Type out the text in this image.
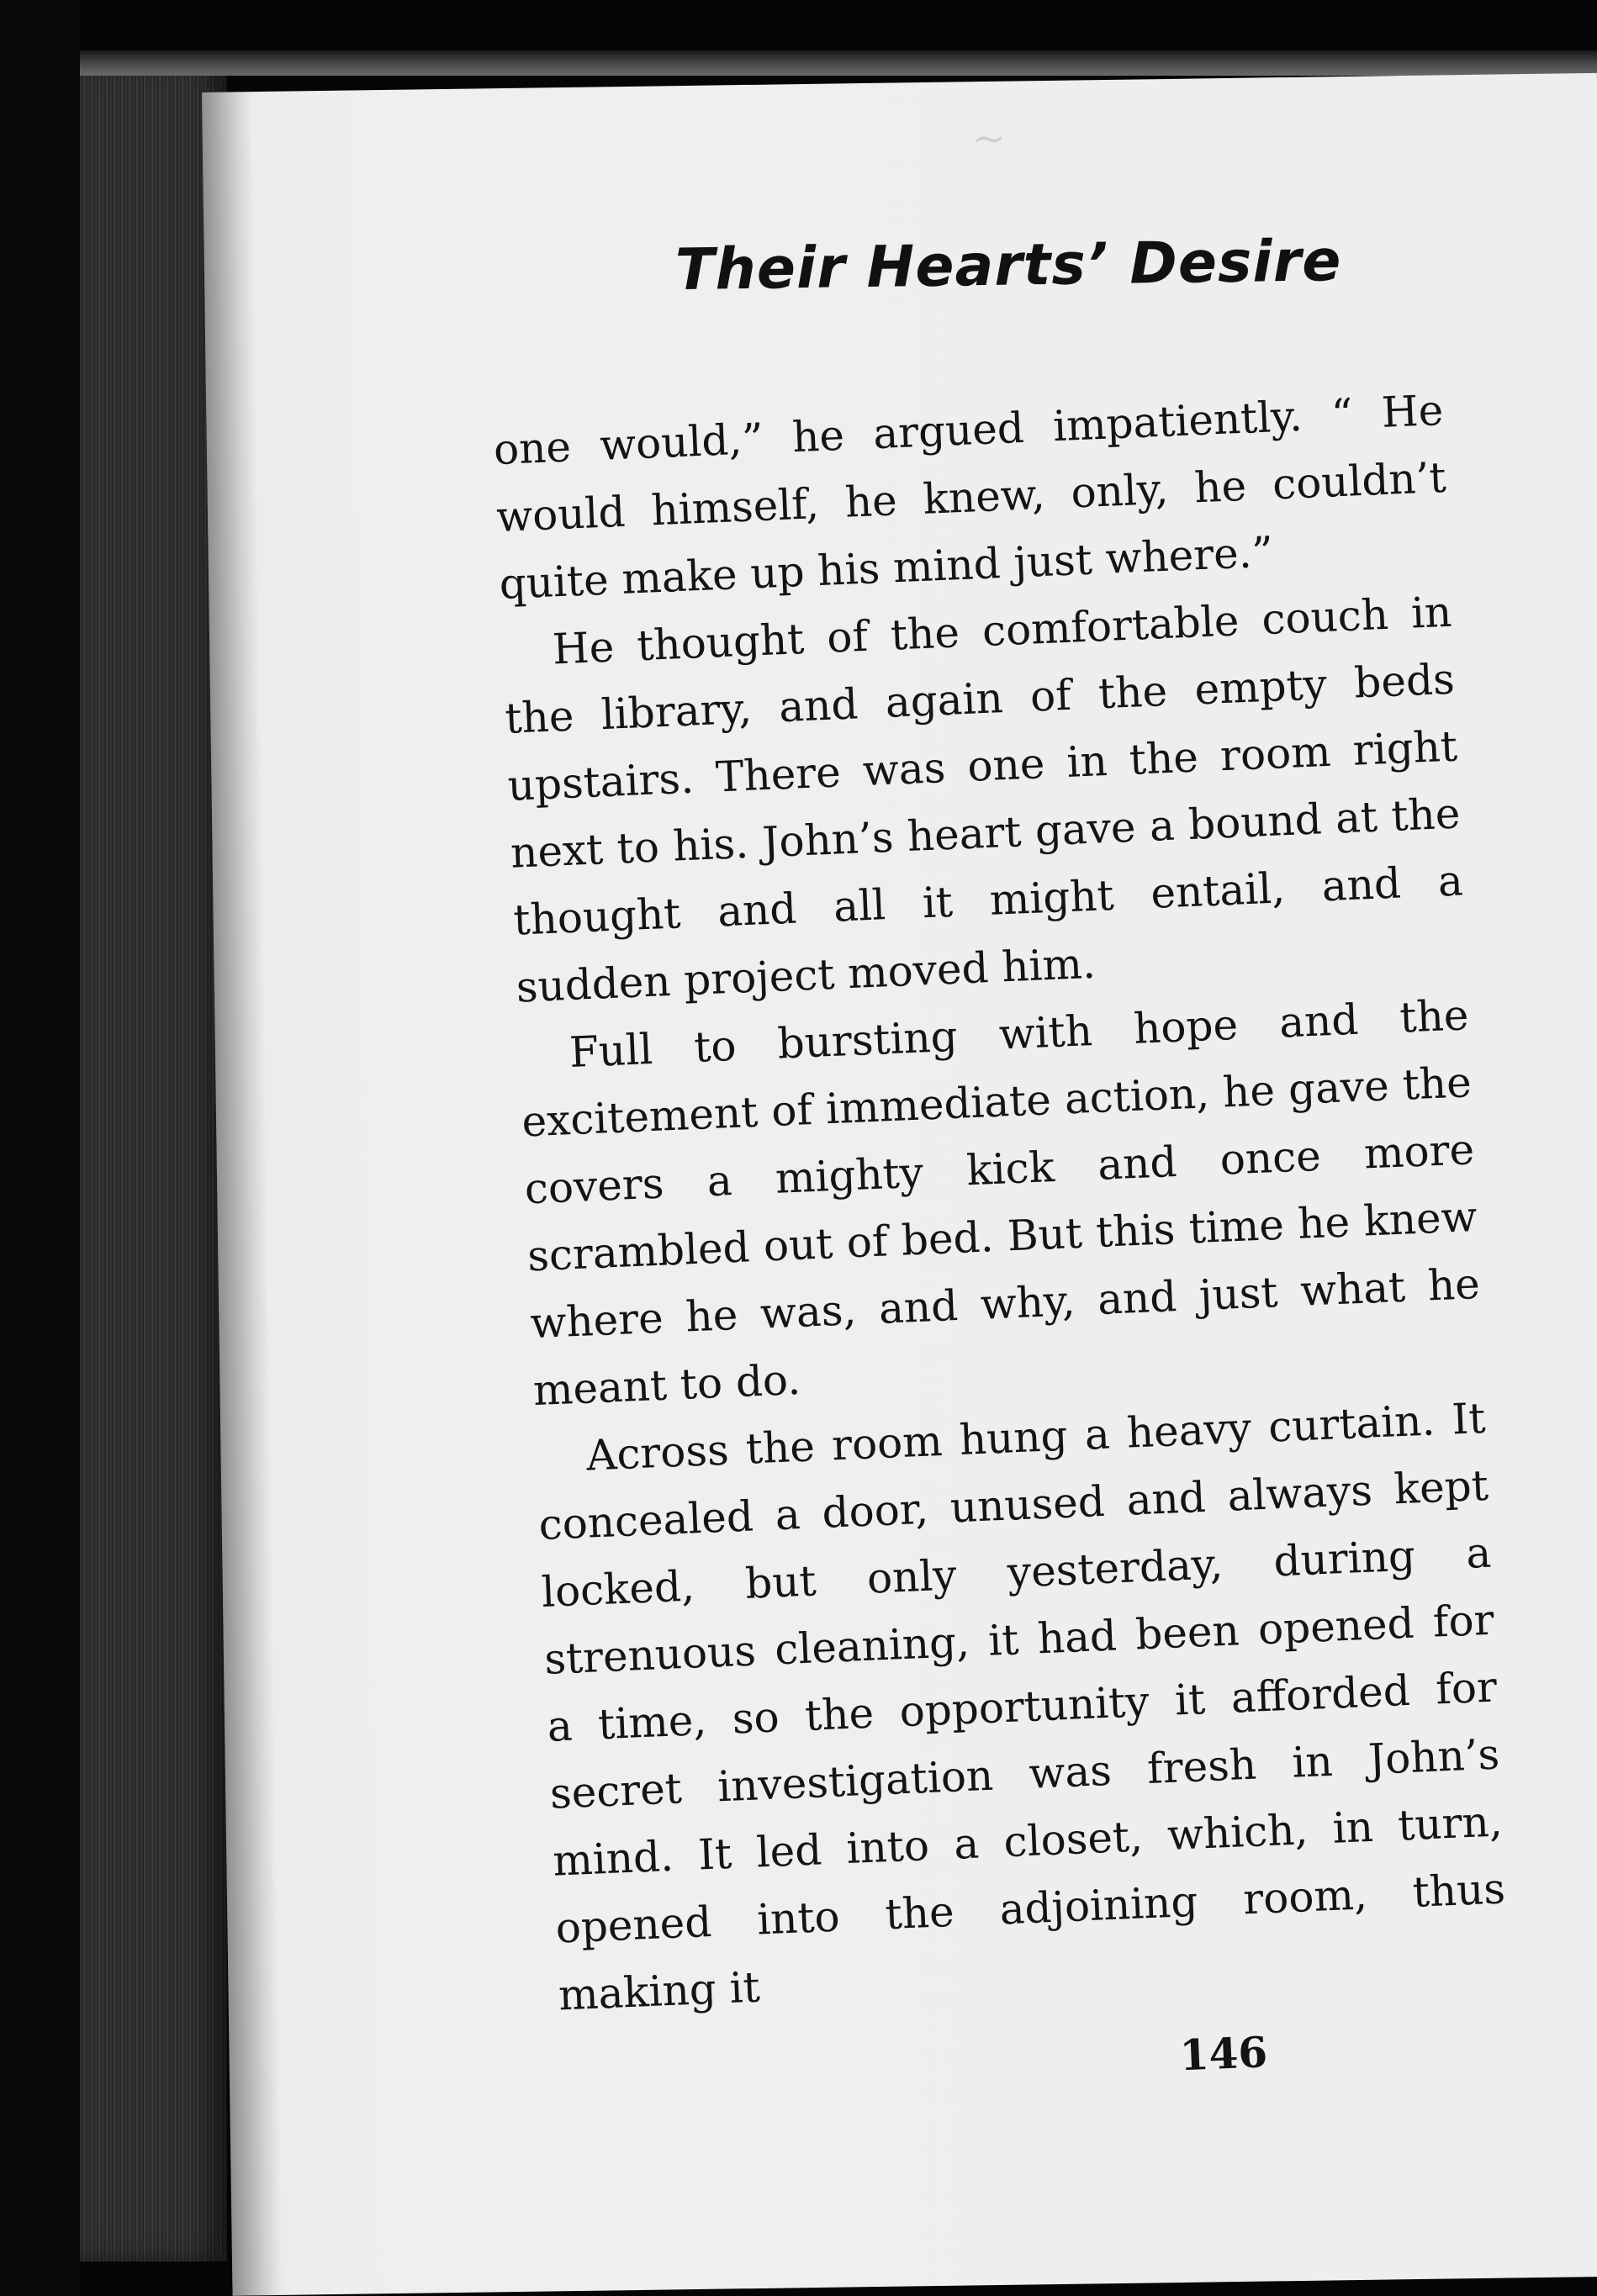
~
Their Hearts’ Desire

one would,” he argued impatiently. “ He would himself, he knew, only, he couldn’t quite make up his mind just where.”

He thought of the comfortable couch in the library, and again of the empty beds upstairs. There was one in the room right next to his. John’s heart gave a bound at the thought and all it might entail, and a sudden project moved him.

Full to bursting with hope and the excitement of immediate action, he gave the covers a mighty kick and once more scrambled out of bed. But this time he knew where he was, and why, and just what he meant to do.

Across the room hung a heavy curtain. It concealed a door, unused and always kept locked, but only yesterday, during a strenuous cleaning, it had been opened for a time, so the opportunity it afforded for secret investigation was fresh in John’s mind. It led into a closet, which, in turn, opened into the adjoining room, thus making it

146
